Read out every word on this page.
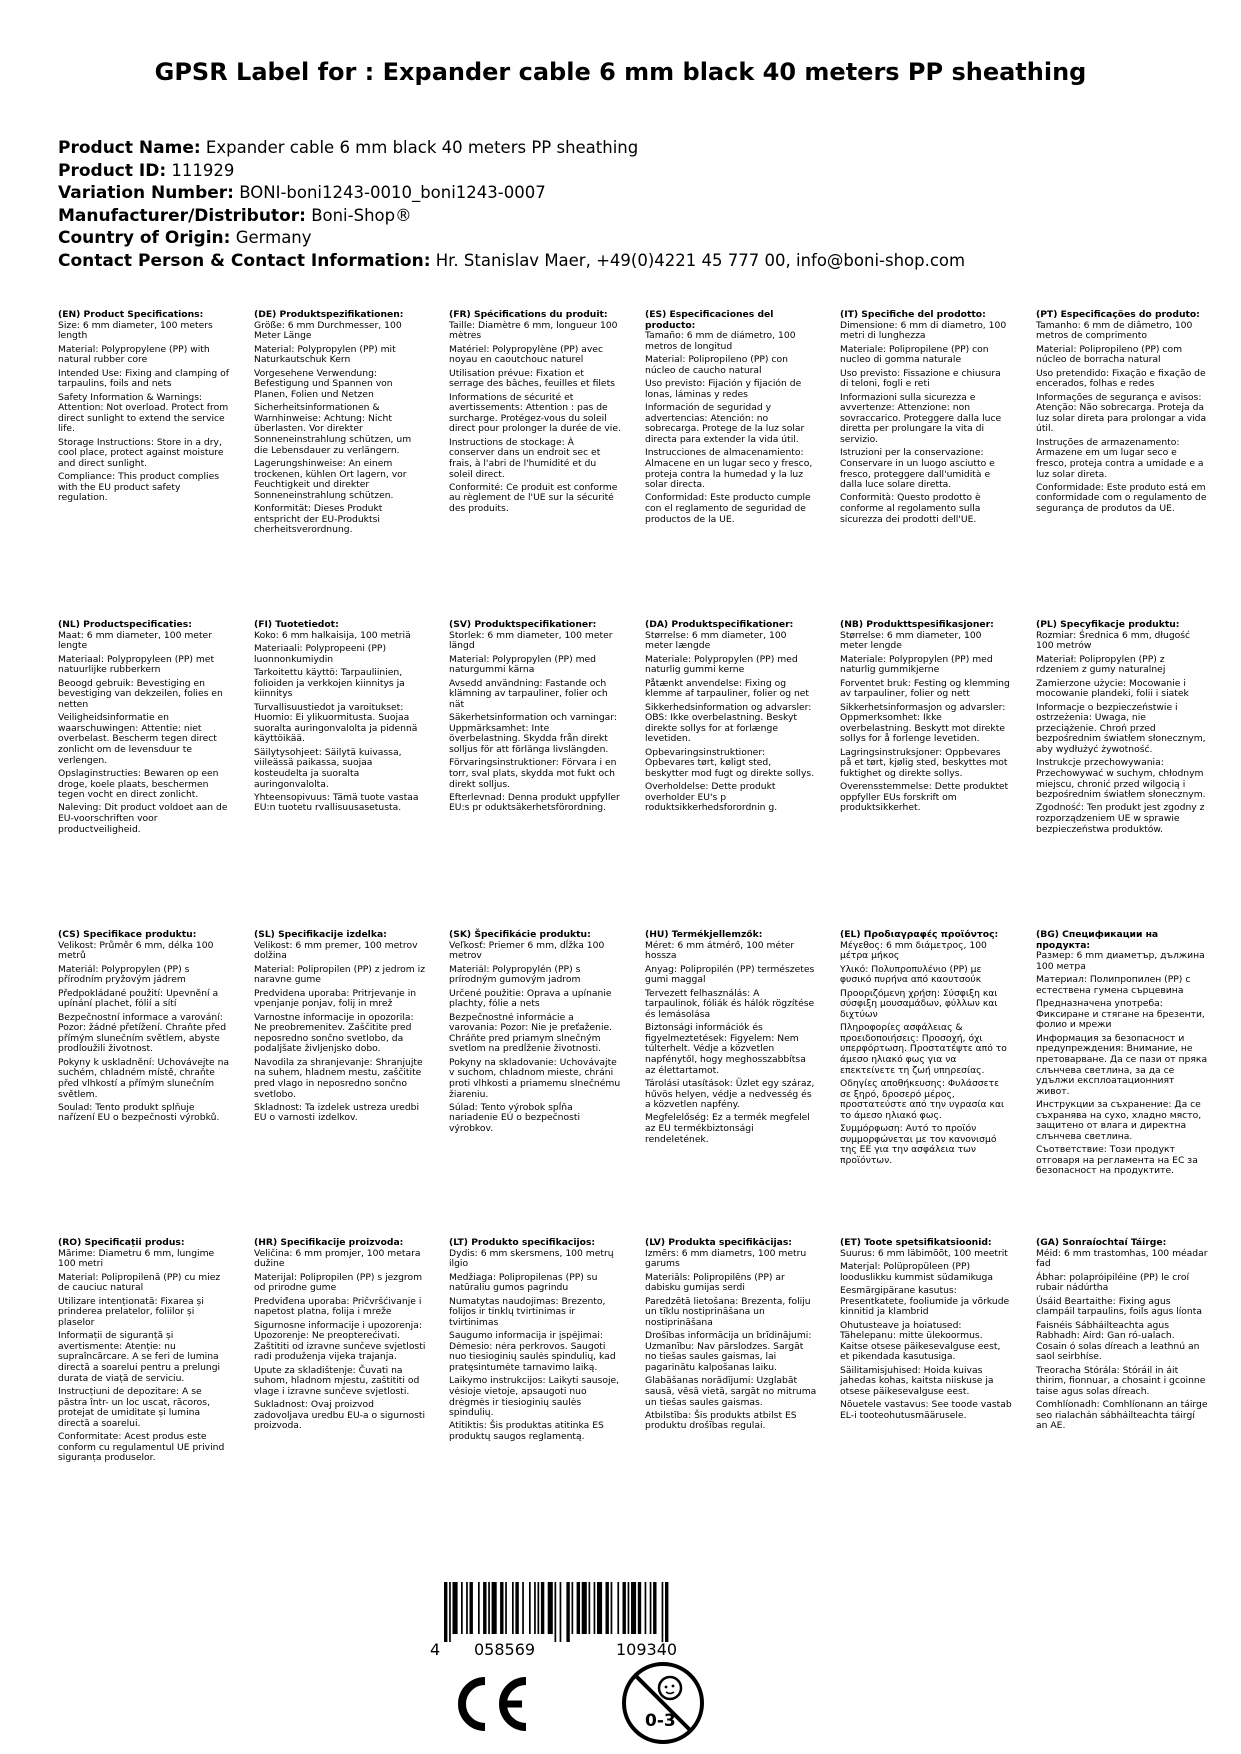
GPSR Label for : Expander cable 6 mm black 40 meters PP sheathing
Product Name: Expander cable 6 mm black 40 meters PP sheathing
Product ID: 111929
Variation Number: BONI-boni1243-0010_boni1243-0007
Manufacturer/Distributor: Boni-Shop®
Country of Origin: Germany
Contact Person & Contact Information: Hr. Stanislav Maer, +49(0)4221 45 777 00, info@boni-shop.com

(EN) Product Specifications:

Size: 6 mm diameter, 100 meters length

Material: Polypropylene (PP) with natural rubber core

Intended Use: Fixing and clamping of tarpaulins, foils and nets

Safety Information & Warnings: Attention: Not overload. Protect from direct sunlight to extend the service life.

Storage Instructions: Store in a dry, cool place, protect against moisture and direct sunlight.

Compliance: This product complies with the EU product safety regulation.

(DE) Produktspezifikationen:

Größe: 6 mm Durchmesser, 100 Meter Länge

Material: Polypropylen (PP) mit Naturkautschuk Kern

Vorgesehene Verwendung: Befestigung und Spannen von Planen, Folien und Netzen

Sicherheitsinformationen & Warnhinweise: Achtung: Nicht überlasten. Vor direkter Sonneneinstrahlung schützen, um die Lebensdauer zu verlängern.

Lagerungshinweise: An einem trockenen, kühlen Ort lagern, vor Feuchtigkeit und direkter Sonneneinstrahlung schützen.

Konformität: Dieses Produkt entspricht der EU-Produktsi cherheitsverordnung.

(FR) Spécifications du produit:

Taille: Diamètre 6 mm, longueur 100 mètres

Matériel: Polypropylène (PP) avec noyau en caoutchouc naturel

Utilisation prévue: Fixation et serrage des bâches, feuilles et filets

Informations de sécurité et avertissements: Attention : pas de surcharge. Protégez-vous du soleil direct pour prolonger la durée de vie.

Instructions de stockage: À conserver dans un endroit sec et frais, à l'abri de l'humidité et du soleil direct.

Conformité: Ce produit est conforme au règlement de l'UE sur la sécurité des produits.

(ES) Especificaciones del producto:

Tamaño: 6 mm de diámetro, 100 metros de longitud

Material: Polipropileno (PP) con núcleo de caucho natural

Uso previsto: Fijación y fijación de lonas, láminas y redes

Información de seguridad y advertencias: Atención: no sobrecarga. Protege de la luz solar directa para extender la vida útil.

Instrucciones de almacenamiento: Almacene en un lugar seco y fresco, proteja contra la humedad y la luz solar directa.

Conformidad: Este producto cumple con el reglamento de seguridad de productos de la UE.

(IT) Specifiche del prodotto:

Dimensione: 6 mm di diametro, 100 metri di lunghezza

Materiale: Polipropilene (PP) con nucleo di gomma naturale

Uso previsto: Fissazione e chiusura di teloni, fogli e reti

Informazioni sulla sicurezza e avvertenze: Attenzione: non sovraccarico. Proteggere dalla luce diretta per prolungare la vita di servizio.

Istruzioni per la conservazione: Conservare in un luogo asciutto e fresco, proteggere dall'umidità e dalla luce solare diretta.

Conformità: Questo prodotto è conforme al regolamento sulla sicurezza dei prodotti dell'UE.

(PT) Especificações do produto:

Tamanho: 6 mm de diâmetro, 100 metros de comprimento

Material: Polipropileno (PP) com núcleo de borracha natural

Uso pretendido: Fixação e fixação de encerados, folhas e redes

Informações de segurança e avisos: Atenção: Não sobrecarga. Proteja da luz solar direta para prolongar a vida útil.

Instruções de armazenamento: Armazene em um lugar seco e fresco, proteja contra a umidade e a luz solar direta.

Conformidade: Este produto está em conformidade com o regulamento de segurança de produtos da UE.

(NL) Productspecificaties:

Maat: 6 mm diameter, 100 meter lengte

Materiaal: Polypropyleen (PP) met natuurlijke rubberkern

Beoogd gebruik: Bevestiging en bevestiging van dekzeilen, folies en netten

Veiligheidsinformatie en waarschuwingen: Attentie: niet overbelast. Bescherm tegen direct zonlicht om de levensduur te verlengen.

Opslaginstructies: Bewaren op een droge, koele plaats, beschermen tegen vocht en direct zonlicht.

Naleving: Dit product voldoet aan de EU-voorschriften voor productveiligheid.

(FI) Tuotetiedot:

Koko: 6 mm halkaisija, 100 metriä

Materiaali: Polypropeeni (PP) luonnonkumiydin

Tarkoitettu käyttö: Tarpauliinien, folioiden ja verkkojen kiinnitys ja kiinnitys

Turvallisuustiedot ja varoitukset: Huomio: Ei ylikuormitusta. Suojaa suoralta auringonvalolta ja pidennä käyttöikää.

Säilytysohjeet: Säilytä kuivassa, viileässä paikassa, suojaa kosteudelta ja suoralta auringonvalolta.

Yhteensopivuus: Tämä tuote vastaa EU:n tuotetu rvallisuusasetusta.

(SV) Produktspecifikationer:

Storlek: 6 mm diameter, 100 meter längd

Material: Polypropylen (PP) med naturgummi kärna

Avsedd användning: Fastande och klämning av tarpauliner, folier och nät

Säkerhetsinformation och varningar: Uppmärksamhet: Inte överbelastning. Skydda från direkt solljus för att förlänga livslängden.

Förvaringsinstruktioner: Förvara i en torr, sval plats, skydda mot fukt och direkt solljus.

Efterlevnad: Denna produkt uppfyller EU:s pr oduktsäkerhetsförordning.

(DA) Produktspecifikationer:

Størrelse: 6 mm diameter, 100 meter længde

Materiale: Polypropylen (PP) med naturlig gummi kerne

Påtænkt anvendelse: Fixing og klemme af tarpauliner, folier og net

Sikkerhedsinformation og advarsler: OBS: Ikke overbelastning. Beskyt direkte sollys for at forlænge levetiden.

Opbevaringsinstruktioner: Opbevares tørt, køligt sted, beskytter mod fugt og direkte sollys.

Overholdelse: Dette produkt overholder EU's p roduktsikkerhedsforordnin g.

(NB) Produkttspesifikasjoner:

Størrelse: 6 mm diameter, 100 meter lengde

Materiale: Polypropylen (PP) med naturlig gummikjerne

Forventet bruk: Festing og klemming av tarpauliner, folier og nett

Sikkerhetsinformasjon og advarsler: Oppmerksomhet: Ikke overbelastning. Beskytt mot direkte sollys for å forlenge levetiden.

Lagringsinstruksjoner: Oppbevares på et tørt, kjølig sted, beskyttes mot fuktighet og direkte sollys.

Overensstemmelse: Dette produktet oppfyller EUs forskrift om produktsikkerhet.

(PL) Specyfikacje produktu:

Rozmiar: Średnica 6 mm, długość 100 metrów

Materiał: Polipropylen (PP) z rdzeniem z gumy naturalnej

Zamierzone użycie: Mocowanie i mocowanie plandeki, folii i siatek

Informacje o bezpieczeństwie i ostrzeżenia: Uwaga, nie przeciążenie. Chroń przed bezpośrednim światłem słonecznym, aby wydłużyć żywotność.

Instrukcje przechowywania: Przechowywać w suchym, chłodnym miejscu, chronić przed wilgocią i bezpośrednim światłem słonecznym.

Zgodność: Ten produkt jest zgodny z rozporządzeniem UE w sprawie bezpieczeństwa produktów.

(CS) Specifikace produktu:

Velikost: Průměr 6 mm, délka 100 metrů

Materiál: Polypropylen (PP) s přírodním pryžovým jádrem

Předpokládané použití: Upevnění a upínání plachet, fólií a sítí

Bezpečnostní informace a varování: Pozor: žádné přetížení. Chraňte před přímým slunečním světlem, abyste prodloužili životnost.

Pokyny k uskladnění: Uchovávejte na suchém, chladném místě, chraňte před vlhkostí a přímým slunečním světlem.

Soulad: Tento produkt splňuje nařízení EU o bezpečnosti výrobků.

(SL) Specifikacije izdelka:

Velikost: 6 mm premer, 100 metrov dolžina

Material: Polipropilen (PP) z jedrom iz naravne gume

Predvidena uporaba: Pritrjevanje in vpenjanje ponjav, folij in mrež

Varnostne informacije in opozorila: Ne preobremenitev. Zaščitite pred neposredno sončno svetlobo, da podaljšate življenjsko dobo.

Navodila za shranjevanje: Shranjujte na suhem, hladnem mestu, zaščitite pred vlago in neposredno sončno svetlobo.

Skladnost: Ta izdelek ustreza uredbi EU o varnosti izdelkov.

(SK) Špecifikácie produktu:

Veľkosť: Priemer 6 mm, dĺžka 100 metrov

Materiál: Polypropylén (PP) s prírodným gumovým jadrom

Určené použitie: Oprava a upínanie plachty, fólie a nets

Bezpečnostné informácie a varovania: Pozor: Nie je preťaženie. Chráňte pred priamym slnečným svetlom na predĺženie životnosti.

Pokyny na skladovanie: Uchovávajte v suchom, chladnom mieste, chráni proti vlhkosti a priamemu slnečnému žiareniu.

Súlad: Tento výrobok spĺňa nariadenie EÚ o bezpečnosti výrobkov.

(HU) Termékjellemzők:

Méret: 6 mm átmérő, 100 méter hossza

Anyag: Polipropilén (PP) természetes gumi maggal

Tervezett felhasználás: A tarpaulinok, fóliák és hálók rögzítése és lemásolása

Biztonsági információk és figyelmeztetések: Figyelem: Nem túlterhelt. Védje a közvetlen napfénytől, hogy meghosszabbítsa az élettartamot.

Tárolási utasítások: Üzlet egy száraz, hűvös helyen, védje a nedvesség és a közvetlen napfény.

Megfelelőség: Ez a termék megfelel az EU termékbiztonsági rendeletének.

(EL) Προδιαγραφές προϊόντος:

Μέγεθος: 6 mm διάμετρος, 100 μέτρα μήκος

Υλικό: Πολυπροπυλένιο (PP) με φυσικό πυρήνα από καουτσούκ

Προοριζόμενη χρήση: Σύσφιξη και σύσφιξη μουσαμάδων, φύλλων και διχτύων

Πληροφορίες ασφάλειας & προειδοποιήσεις: Προσοχή, όχι υπερφόρτωση. Προστατέψτε από το άμεσο ηλιακό φως για να επεκτείνετε τη ζωή υπηρεσίας.

Οδηγίες αποθήκευσης: Φυλάσσετε σε ξηρό, δροσερό μέρος, προστατεύστε από την υγρασία και το άμεσο ηλιακό φως.

Συμμόρφωση: Αυτό το προϊόν συμμορφώνεται με τον κανονισμό της ΕΕ για την ασφάλεια των προϊόντων.

(BG) Спецификации на продукта:

Размер: 6 mm диаметър, дължина 100 метра

Материал: Полипропилен (PP) с естествена гумена сърцевина

Предназначена употреба: Фиксиране и стягане на брезенти, фолио и мрежи

Информация за безопасност и предупреждения: Внимание, не претоварване. Да се пази от пряка слънчева светлина, за да се удължи експлоатационният живот.

Инструкции за съхранение: Да се съхранява на сухо, хладно място, защитено от влага и директна слънчева светлина.

Съответствие: Този продукт отговаря на регламента на ЕС за безопасност на продуктите.

(RO) Specificații produs:

Mărime: Diametru 6 mm, lungime 100 metri

Material: Polipropilenă (PP) cu miez de cauciuc natural

Utilizare intenționată: Fixarea și prinderea prelatelor, foliilor și plaselor

Informații de siguranță și avertismente: Atenție: nu supraîncărcare. A se feri de lumina directă a soarelui pentru a prelungi durata de viață de serviciu.

Instrucțiuni de depozitare: A se păstra într- un loc uscat, răcoros, protejat de umiditate și lumina directă a soarelui.

Conformitate: Acest produs este conform cu regulamentul UE privind siguranța produselor.

(HR) Specifikacije proizvoda:

Veličina: 6 mm promjer, 100 metara dužine

Materijal: Polipropilen (PP) s jezgrom od prirodne gume

Predviđena uporaba: Pričvršćivanje i napetost platna, folija i mreže

Sigurnosne informacije i upozorenja: Upozorenje: Ne preopterećivati. Zaštititi od izravne sunčeve svjetlosti radi produženja vijeka trajanja.

Upute za skladištenje: Čuvati na suhom, hladnom mjestu, zaštititi od vlage i izravne sunčeve svjetlosti.

Sukladnost: Ovaj proizvod zadovoljava uredbu EU-a o sigurnosti proizvoda.

(LT) Produkto specifikacijos:

Dydis: 6 mm skersmens, 100 metrų ilgio

Medžiaga: Polipropilenas (PP) su natūraliu gumos pagrindu

Numatytas naudojimas: Brezento, folijos ir tinklų tvirtinimas ir tvirtinimas

Saugumo informacija ir įspėjimai: Dėmesio: nėra perkrovos. Saugoti nuo tiesioginių saulės spindulių, kad pratęsintumėte tarnavimo laiką.

Laikymo instrukcijos: Laikyti sausoje, vėsioje vietoje, apsaugoti nuo drėgmės ir tiesioginių saulės spindulių.

Atitiktis: Šis produktas atitinka ES produktų saugos reglamentą.

(LV) Produkta specifikācijas:

Izmērs: 6 mm diametrs, 100 metru garums

Materiāls: Polipropilēns (PP) ar dabisku gumijas serdi

Paredzētā lietošana: Brezenta, foliju un tīklu nostiprināšana un nostiprināšana

Drošības informācija un brīdinājumi: Uzmanību: Nav pārslodzes. Sargāt no tiešas saules gaismas, lai pagarinātu kalpošanas laiku.

Glabāšanas norādījumi: Uzglabāt sausā, vēsā vietā, sargāt no mitruma un tiešas saules gaismas.

Atbilstība: Šis produkts atbilst ES produktu drošības regulai.

(ET) Toote spetsifikatsioonid:

Suurus: 6 mm läbimõõt, 100 meetrit

Materjal: Polüpropüleen (PP) looduslikku kummist südamikuga

Eesmärgipärane kasutus: Presentkatete, fooliumide ja võrkude kinnitid ja klambrid

Ohutusteave ja hoiatused: Tähelepanu: mitte ülekoormus. Kaitse otsese päikesevalguse eest, et pikendada kasutusiga.

Säilitamisjuhised: Hoida kuivas jahedas kohas, kaitsta niiskuse ja otsese päikesevalguse eest.

Nõuetele vastavus: See toode vastab EL-i tooteohutusmäärusele.

(GA) Sonraíochtaí Táirge:

Méid: 6 mm trastomhas, 100 méadar fad

Ábhar: polapróipiléine (PP) le croí rubair nádúrtha

Úsáid Beartaithe: Fixing agus clampáil tarpaulins, foils agus líonta

Faisnéis Sábháilteachta agus Rabhadh: Aird: Gan ró-ualach. Cosain ó solas díreach a leathnú an saol seirbhíse.

Treoracha Stórála: Stóráil in áit thirim, fionnuar, a chosaint i gcoinne taise agus solas díreach.

Comhlíonadh: Comhlíonann an táirge seo rialachán sábháilteachta táirgí an AE.

4 058569	109340
0-3
